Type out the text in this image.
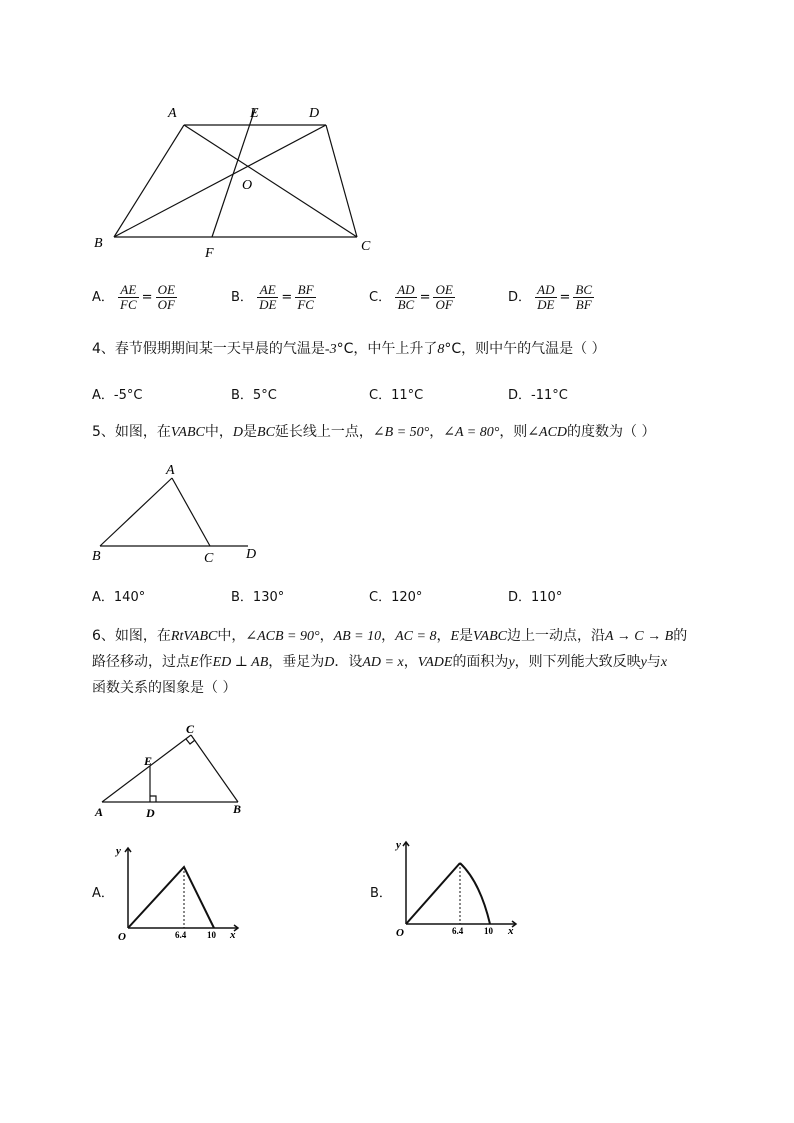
A	E	D
O
B
F	C
A． $\frac{AE}{FC} = \frac{OE}{OF}$	B． $\frac{AE}{DE} = \frac{BF}{FC}$	C． $\frac{AD}{BC} = \frac{OE}{OF}$	D． $\frac{AD}{DE} = \frac{BC}{BF}$
4、春节假期期间某一天早晨的气温是-3°C，中午上升了8°C，则中午的气温是（ ）
A．-5°C	B．5°C	C．11°C	D．-11°C
5、如图，在VABC中，D是BC延长线上一点，∠B = 50°，∠A = 80°，则∠ACD的度数为（ ）
A
B	C D
A．140°	B．130°	C．120°	D．110°
6、如图，在RtVABC中，∠ACB = 90°，AB = 10，AC = 8，E是VABC边上一动点，沿A → C → B的
路径移动，过点E作ED ⊥ AB，垂足为D．设AD = x，VADE的面积为y，则下列能大致反映y与x
函数关系的图象是（ ）
C
E
A	D	B
A．
y
O	6.4 10 x
B．
y
O	6.4 10 x
